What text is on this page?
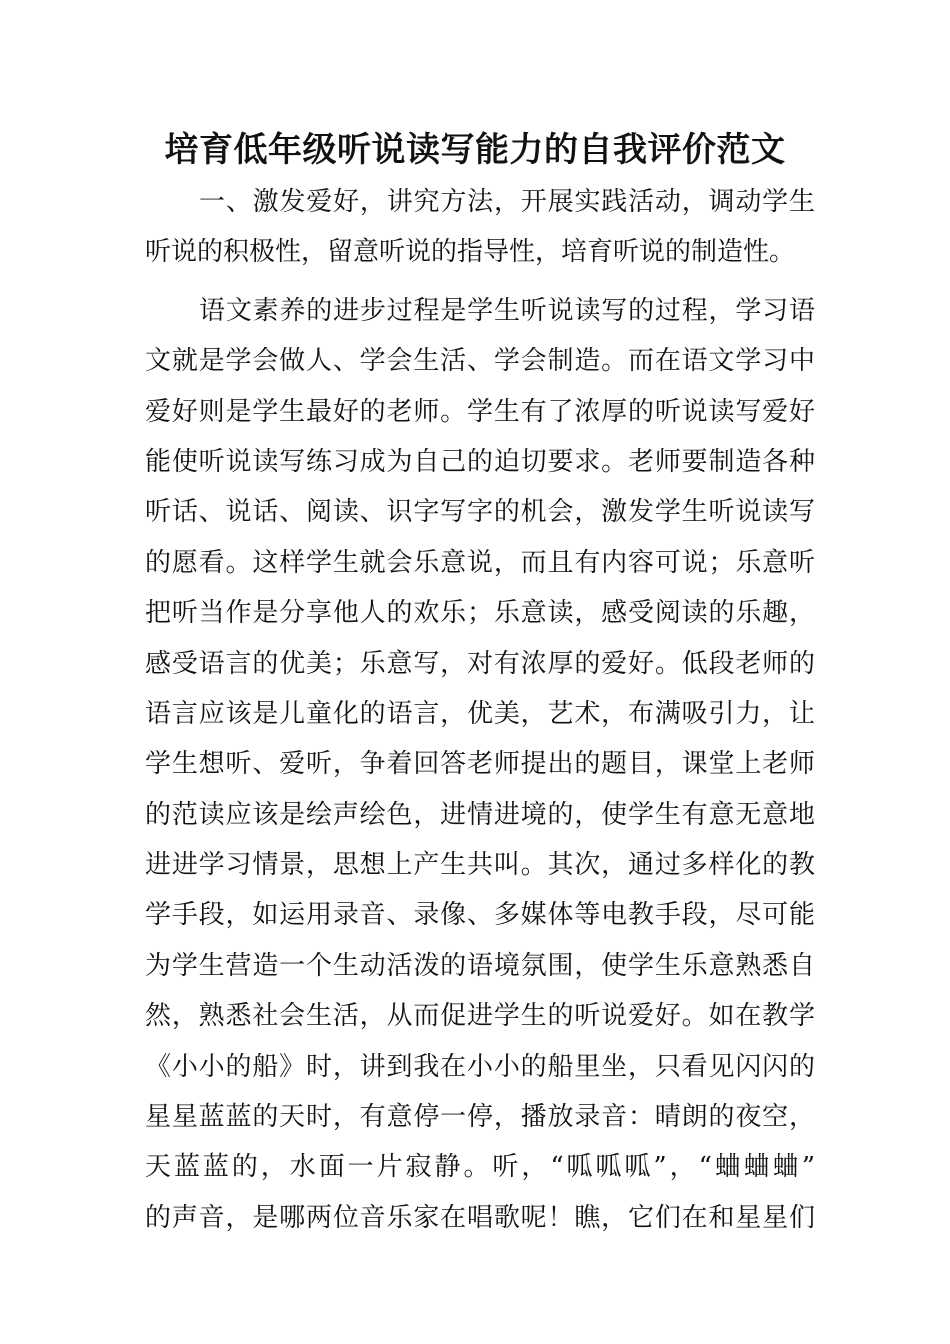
培育低年级听说读写能力的自我评价范文
一、激发爱好，讲究方法，开展实践活动，调动学生
听说的积极性，留意听说的指导性，培育听说的制造性。
语文素养的进步过程是学生听说读写的过程，学习语
文就是学会做人、学会生活、学会制造。而在语文学习中
爱好则是学生最好的老师。学生有了浓厚的听说读写爱好
能使听说读写练习成为自己的迫切要求。老师要制造各种
听话、说话、阅读、识字写字的机会，激发学生听说读写
的愿看。这样学生就会乐意说，而且有内容可说；乐意听
把听当作是分享他人的欢乐；乐意读，感受阅读的乐趣，
感受语言的优美；乐意写，对有浓厚的爱好。低段老师的
语言应该是儿童化的语言，优美，艺术，布满吸引力，让
学生想听、爱听，争着回答老师提出的题目，课堂上老师
的范读应该是绘声绘色，进情进境的，使学生有意无意地
进进学习情景，思想上产生共叫。其次，通过多样化的教
学手段，如运用录音、录像、多媒体等电教手段，尽可能
为学生营造一个生动活泼的语境氛围，使学生乐意熟悉自
然，熟悉社会生活，从而促进学生的听说爱好。如在教学
《小小的船》时，讲到我在小小的船里坐，只看见闪闪的
星星蓝蓝的天时，有意停一停，播放录音：晴朗的夜空，
天蓝蓝的，水面一片寂静。听，“呱呱呱”，“蛐蛐蛐”
的声音，是哪两位音乐家在唱歌呢！瞧，它们在和星星们
